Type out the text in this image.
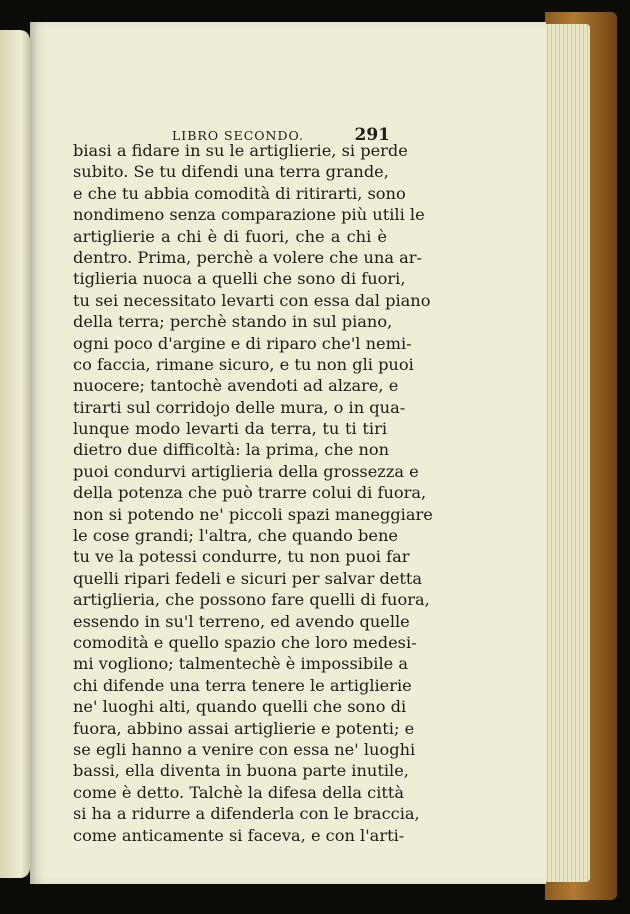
LIBRO SECONDO.	291
biasi a fidare in su le artiglierie, si perde
subito. Se tu difendi una terra grande,
e che tu abbia comodità di ritirarti, sono
nondimeno senza comparazione più utili le
artiglierie a chi è di fuori, che a chi è
dentro. Prima, perchè a volere che una ar-
tiglieria nuoca a quelli che sono di fuori,
tu sei necessitato levarti con essa dal piano
della terra; perchè stando in sul piano,
ogni poco d'argine e di riparo che'l nemi-
co faccia, rimane sicuro, e tu non gli puoi
nuocere; tantochè avendoti ad alzare, e
tirarti sul corridojo delle mura, o in qua-
lunque modo levarti da terra, tu ti tiri
dietro due difficoltà: la prima, che non
puoi condurvi artiglieria della grossezza e
della potenza che può trarre colui di fuora,
non si potendo ne' piccoli spazi maneggiare
le cose grandi; l'altra, che quando bene
tu ve la potessi condurre, tu non puoi far
quelli ripari fedeli e sicuri per salvar detta
artiglieria, che possono fare quelli di fuora,
essendo in su'l terreno, ed avendo quelle
comodità e quello spazio che loro medesi-
mi vogliono; talmentechè è impossibile a
chi difende una terra tenere le artiglierie
ne' luoghi alti, quando quelli che sono di
fuora, abbino assai artiglierie e potenti; e
se egli hanno a venire con essa ne' luoghi
bassi, ella diventa in buona parte inutile,
come è detto. Talchè la difesa della città
si ha a ridurre a difenderla con le braccia,
come anticamente si faceva, e con l'arti-
